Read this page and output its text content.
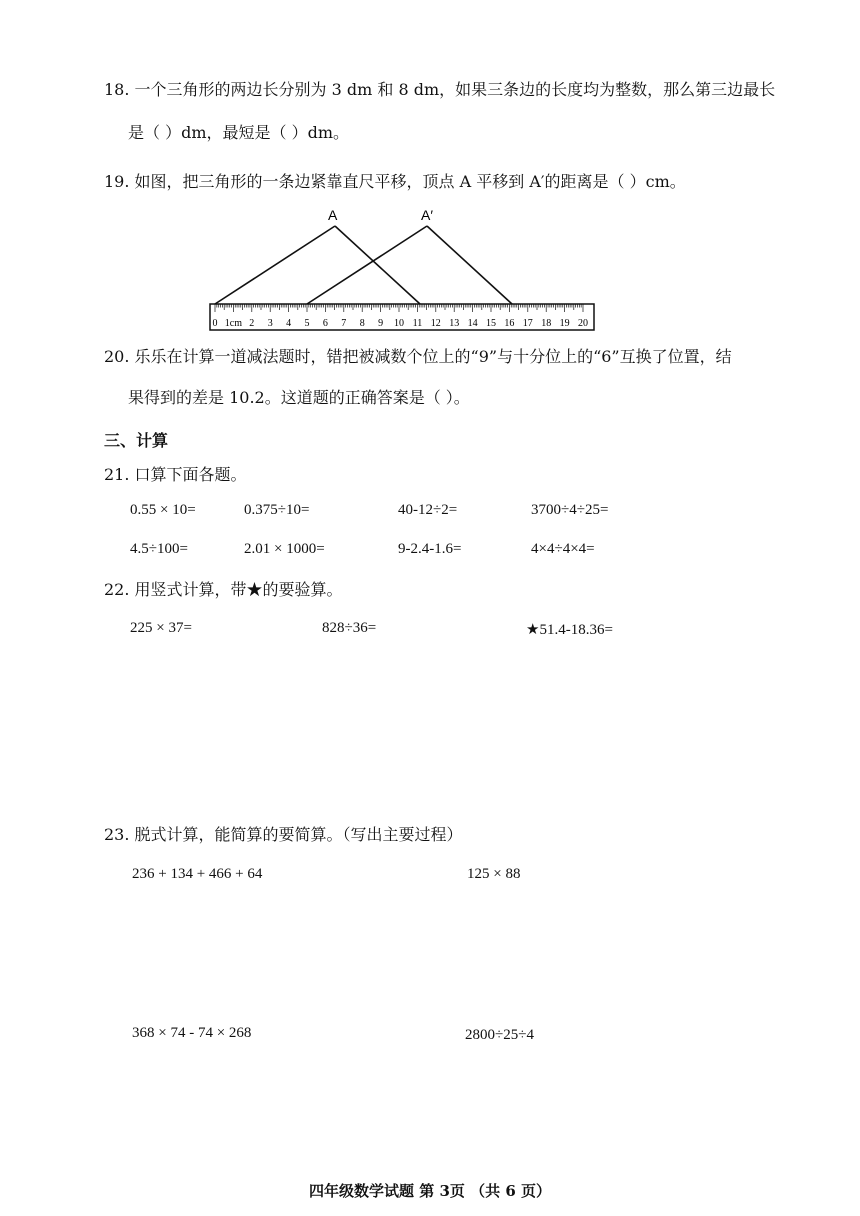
18. 一个三角形的两边长分别为 3 dm 和 8 dm，如果三条边的长度均为整数，那么第三边最长
是（ ）dm，最短是（ ）dm。
19. 如图，把三角形的一条边紧靠直尺平移，顶点 A 平移到 A′的距离是（ ）cm。
A	A′
0 1cm 2 3 4 5 6 7 8 9 10 11 12 13 14 15 16 17 18 19 20
20. 乐乐在计算一道减法题时，错把被减数个位上的“9”与十分位上的“6”互换了位置，结
果得到的差是 10.2。这道题的正确答案是（ ）。
三、计算
21. 口算下面各题。
0.55 × 10=	0.375÷10=	40-12÷2=	3700÷4÷25=
4.5÷100=	2.01 × 1000=	9-2.4-1.6=	4×4÷4×4=
22. 用竖式计算，带★的要验算。
225 × 37=	828÷36=	★51.4-18.36=
23. 脱式计算，能简算的要简算。（写出主要过程）
236 + 134 + 466 + 64	125 × 88
368 × 74 - 74 × 268	2800÷25÷4
四年级数学试题 第 3页 （共 6 页）
